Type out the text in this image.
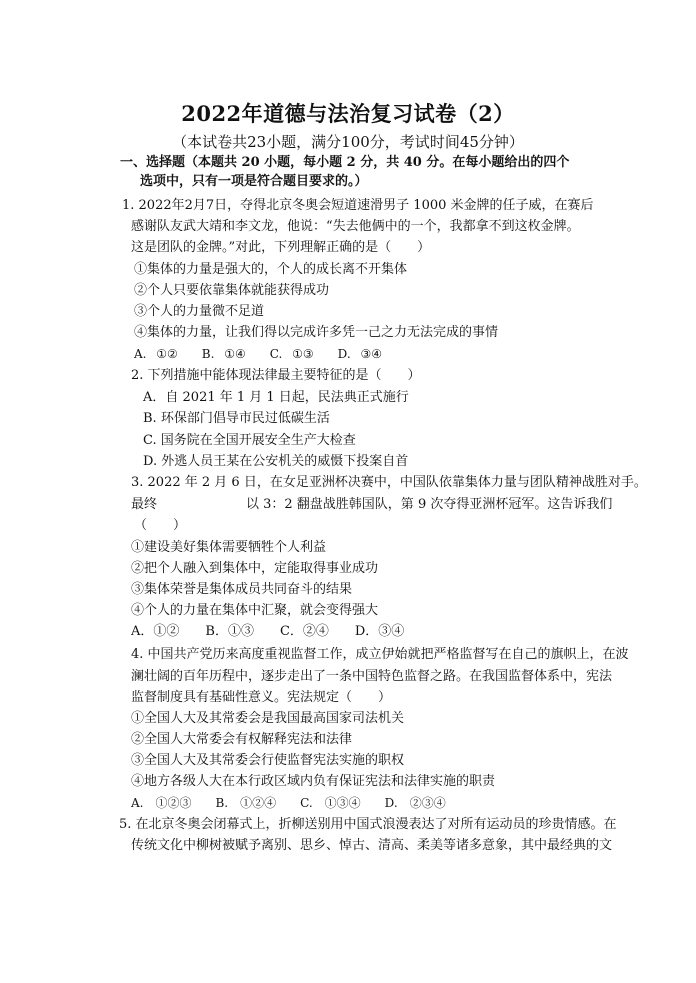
2022年道德与法治复习试卷（2）
（本试卷共23小题，满分100分，考试时间45分钟）
一、选择题（本题共 20 小题，每小题 2 分，共 40 分。在每小题给出的四个
选项中，只有一项是符合题目要求的。）
1. 2022年2月7日，夺得北京冬奥会短道速滑男子 1000 米金牌的任子威，在赛后
感谢队友武大靖和李文龙，他说：“失去他俩中的一个，我都拿不到这枚金牌。
这是团队的金牌。”对此，下列理解正确的是（　　）
①集体的力量是强大的，个人的成长离不开集体
②个人只要依靠集体就能获得成功
③个人的力量微不足道
④集体的力量，让我们得以完成许多凭一己之力无法完成的事情
A. ①②　　B. ①④　　C. ①③　　D. ③④
2. 下列措施中能体现法律最主要特征的是（　　）
A．自 2021 年 1 月 1 日起，民法典正式施行
B. 环保部门倡导市民过低碳生活
C. 国务院在全国开展安全生产大检查
D. 外逃人员王某在公安机关的威慑下投案自首
3. 2022 年 2 月 6 日，在女足亚洲杯决赛中，中国队依靠集体力量与团队精神战胜对手。
最终	以 3：2 翻盘战胜韩国队，第 9 次夺得亚洲杯冠军。这告诉我们
（　　）
①建设美好集体需要牺牲个人利益
②把个人融入到集体中，定能取得事业成功
③集体荣誉是集体成员共同奋斗的结果
④个人的力量在集体中汇聚，就会变得强大
A．①②　　B．①③　　C．②④　　D．③④
4. 中国共产党历来高度重视监督工作，成立伊始就把严格监督写在自己的旗帜上，在波
澜壮阔的百年历程中，逐步走出了一条中国特色监督之路。在我国监督体系中，宪法
监督制度具有基础性意义。宪法规定（　　）
①全国人大及其常委会是我国最高国家司法机关
②全国人大常委会有权解释宪法和法律
③全国人大及其常委会行使监督宪法实施的职权
④地方各级人大在本行政区域内负有保证宪法和法律实施的职责
A.　①②③　　B.　①②④　　C.　①③④　　D.　②③④
5. 在北京冬奥会闭幕式上，折柳送别用中国式浪漫表达了对所有运动员的珍贵情感。在
传统文化中柳树被赋予离别、思乡、悼古、清高、柔美等诸多意象，其中最经典的文
